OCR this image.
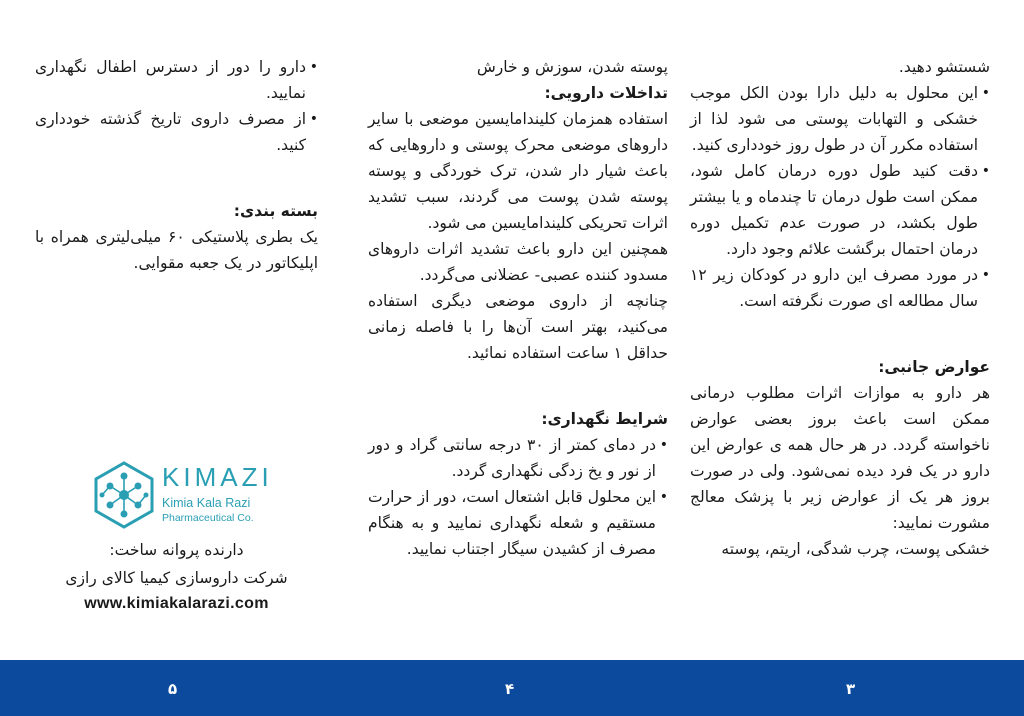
شستشو دهید.

• این محلول به دلیل دارا بودن الکل موجب خشکی و التهابات پوستی می شود لذا از استفاده مکرر آن در طول روز خودداری کنید.
• دقت کنید طول دوره درمان کامل شود، ممکن است طول درمان تا چندماه و یا بیشتر طول بکشد، در صورت عدم تکمیل دوره درمان احتمال برگشت علائم وجود دارد.
• در مورد مصرف این دارو در کودکان زیر ۱۲ سال مطالعه ای صورت نگرفته است.
عوارض جانبی:

هر دارو به موازات اثرات مطلوب درمانی ممکن است باعث بروز بعضی عوارض ناخواسته گردد. در هر حال همه ی عوارض این دارو در یک فرد دیده نمی‌شود. ولی در صورت بروز هر یک از عوارض زیر با پزشک معالج مشورت نمایید:

خشکی پوست، چرب شدگی، اریتم، پوسته

پوسته شدن، سوزش و خارش

تداخلات دارویی:

استفاده همزمان کلیندامایسین موضعی با سایر داروهای موضعی محرک پوستی و داروهایی که باعث شیار دار شدن، ترک خوردگی و پوسته پوسته شدن پوست می گردند، سبب تشدید اثرات تحریکی کلیندامایسین می شود.

همچنین این دارو باعث تشدید اثرات داروهای مسدود کننده عصبی- عضلانی می‌گردد.

چنانچه از داروی موضعی دیگری استفاده می‌کنید، بهتر است آن‌ها را با فاصله زمانی حداقل ۱ ساعت استفاده نمائید.

شرایط نگهداری:
• در دمای کمتر از ۳۰ درجه سانتی گراد و دور از نور و یخ زدگی نگهداری گردد.
• این محلول قابل اشتعال است، دور از حرارت مستقیم و شعله نگهداری نمایید و به هنگام مصرف از کشیدن سیگار اجتناب نمایید.
• دارو را دور از دسترس اطفال نگهداری نمایید.
• از مصرف داروی تاریخ گذشته خودداری کنید.
بسته بندی:

یک بطری پلاستیکی ۶۰ میلی‌لیتری همراه با اپلیکاتور در یک جعبه مقوایی.

KIMAZI
Kimia Kala Razi
Pharmaceutical Co.
دارنده پروانه ساخت:
شرکت داروسازی کیمیا کالای رازی
www.kimiakalarazi.com
۳
۴
۵
